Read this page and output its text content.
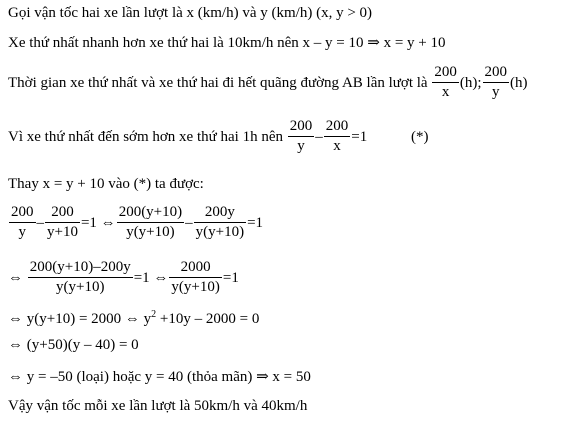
Gọi vận tốc hai xe lần lượt là x (km/h) và y (km/h) (x, y > 0)
Xe thứ nhất nhanh hơn xe thứ hai là 10km/h nên x – y = 10 ⇒ x = y + 10
Thời gian xe thứ nhất và xe thứ hai đi hết quãng đường AB lần lượt là $\frac{200}{x} (h)$; $\frac{200}{y} (h)$
Vì xe thứ nhất đến sớm hơn xe thứ hai 1h nên $\frac{200}{y} - \frac{200}{x} =1$	(*)
Thay x = y + 10 vào (*) ta được:
$\frac{200}{y} - \frac{200}{y+10} =1$ ⇔ $\frac{200(y+10)}{y(y+10)} - \frac{200y}{y(y+10)} =1$
⇔ $\frac{200(y+10)-200y}{y(y+10)} =1$ ⇔ $\frac{2000}{y(y+10)} =1$
⇔ y(y+10) = 2000 ⇔ $y^2 +10y - 2000 = 0$
⇔ (y+50)(y – 40) = 0
⇔ y = –50 (loại) hoặc y = 40 (thỏa mãn) ⇒ x = 50
Vậy vận tốc mỗi xe lần lượt là 50km/h và 40km/h
